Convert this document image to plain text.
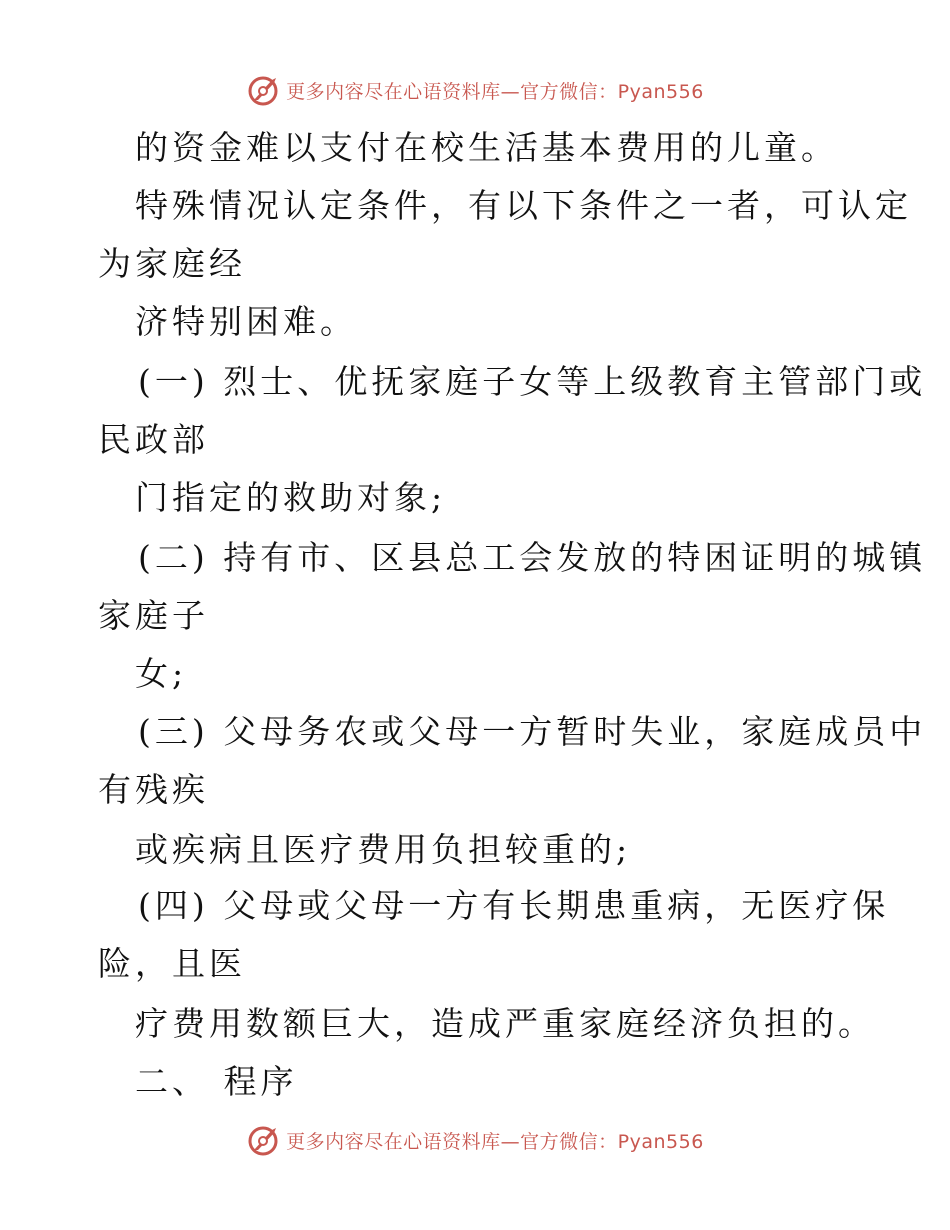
更多内容尽在心语资料库—官方微信：Pyan556
的资金难以支付在校生活基本费用的儿童。
特殊情况认定条件，有以下条件之一者，可认定
为家庭经
济特别困难。
(一) 烈士、优抚家庭子女等上级教育主管部门或
民政部
门指定的救助对象;
(二) 持有市、区县总工会发放的特困证明的城镇
家庭子
女;
(三) 父母务农或父母一方暂时失业，家庭成员中
有残疾
或疾病且医疗费用负担较重的;
(四) 父母或父母一方有长期患重病，无医疗保
险，且医
疗费用数额巨大，造成严重家庭经济负担的。
二、 程序
更多内容尽在心语资料库—官方微信：Pyan556
